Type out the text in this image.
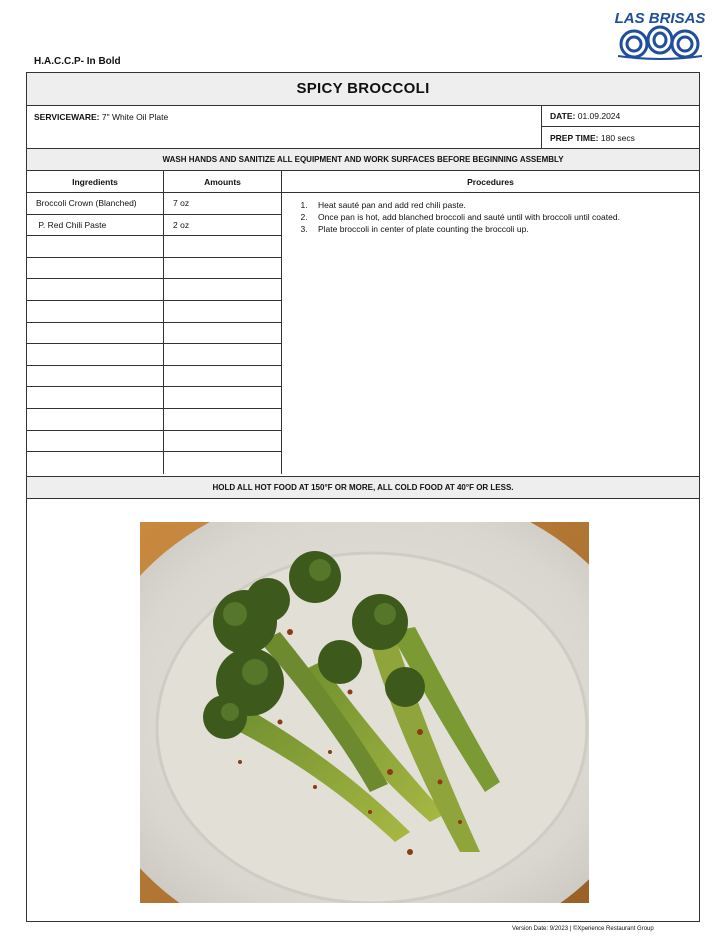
LAS BRISAS
H.A.C.C.P- In Bold
SPICY BROCCOLI
SERVICEWARE: 7" White Oil Plate	DATE: 01.09.2024
PREP TIME: 180 secs
WASH HANDS AND SANITIZE ALL EQUIPMENT AND WORK SURFACES BEFORE BEGINNING ASSEMBLY
Ingredients	Amounts	Procedures
Broccoli Crown (Blanched)	7 oz
P. Red Chili Paste	2 oz
1. Heat sauté pan and add red chili paste.
2. Once pan is hot, add blanched broccoli and sauté until with broccoli until coated.
3. Plate broccoli in center of plate counting the broccoli up.
HOLD ALL HOT FOOD AT 150°F OR MORE, ALL COLD FOOD AT 40°F OR LESS.
Version Date: 9/2023 | ©Xperience Restaurant Group
